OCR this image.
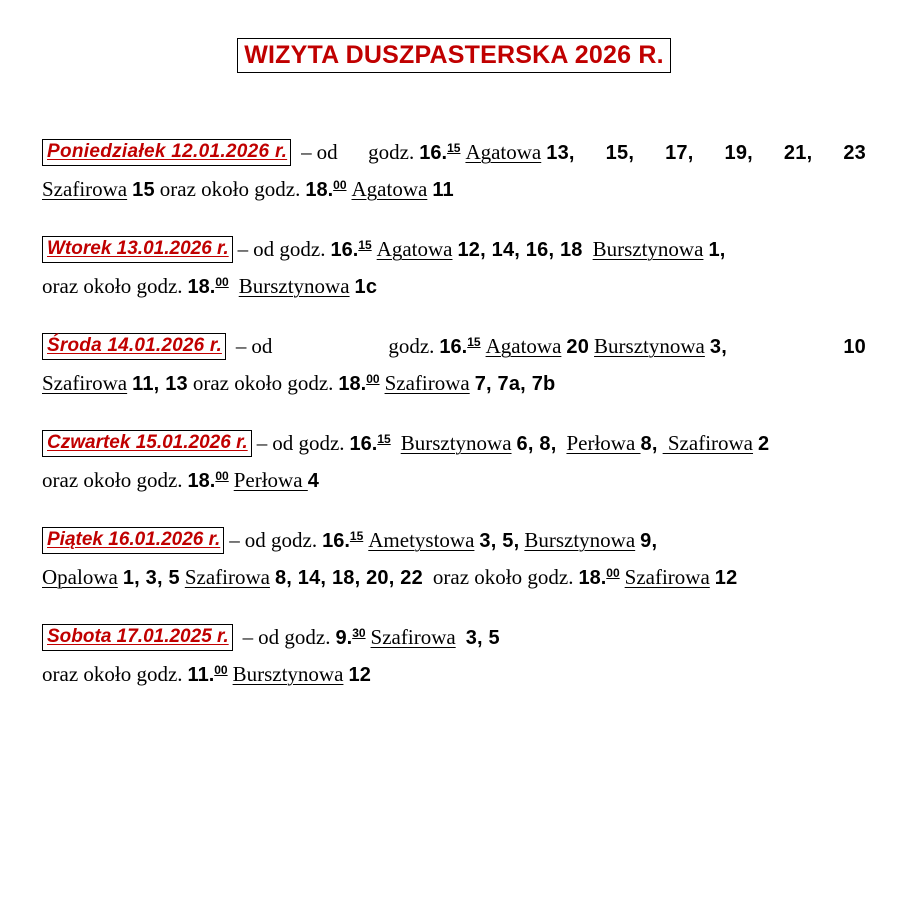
WIZYTA DUSZPASTERSKA 2026 R.
Poniedziałek 12.01.2026 r. – od godz. 16.15 Agatowa 13, 15, 17, 19, 21, 23
Szafirowa 15 oraz około godz. 18.00 Agatowa 11
Wtorek 13.01.2026 r. – od godz. 16.15 Agatowa 12, 14, 16, 18 Bursztynowa 1,
oraz około godz. 18.00 Bursztynowa 1c
Środa 14.01.2026 r. – od godz. 16.15 Agatowa 20 Bursztynowa 3, 10
Szafirowa 11, 13 oraz około godz. 18.00 Szafirowa 7, 7a, 7b
Czwartek 15.01.2026 r. – od godz. 16.15 Bursztynowa 6, 8, Perłowa 8, Szafirowa 2
oraz około godz. 18.00 Perłowa 4
Piątek 16.01.2026 r. – od godz. 16.15 Ametystowa 3, 5, Bursztynowa 9,
Opalowa 1, 3, 5 Szafirowa 8, 14, 18, 20, 22 oraz około godz. 18.00 Szafirowa 12
Sobota 17.01.2025 r. – od godz. 9.30 Szafirowa 3, 5
oraz około godz. 11.00 Bursztynowa 12
